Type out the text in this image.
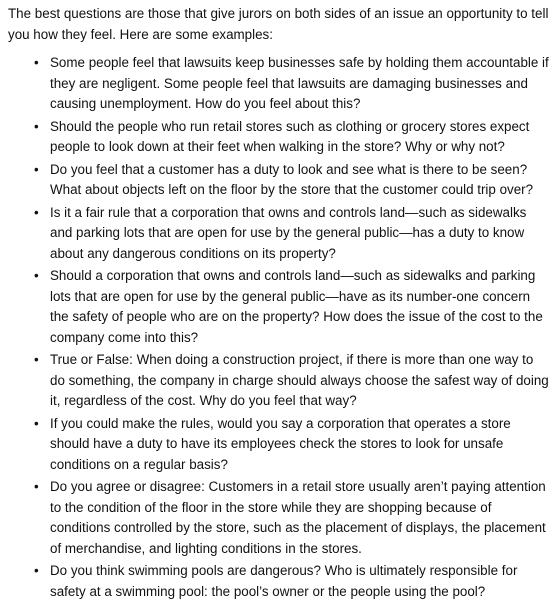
The best questions are those that give jurors on both sides of an issue an opportunity to tell you how they feel. Here are some examples:

• Some people feel that lawsuits keep businesses safe by holding them accountable if they are negligent. Some people feel that lawsuits are damaging businesses and causing unemployment. How do you feel about this?
• Should the people who run retail stores such as clothing or grocery stores expect people to look down at their feet when walking in the store? Why or why not?
• Do you feel that a customer has a duty to look and see what is there to be seen? What about objects left on the floor by the store that the customer could trip over?
• Is it a fair rule that a corporation that owns and controls land—such as sidewalks and parking lots that are open for use by the general public—has a duty to know about any dangerous conditions on its property?
• Should a corporation that owns and controls land—such as sidewalks and parking lots that are open for use by the general public—have as its number-one concern the safety of people who are on the property? How does the issue of the cost to the company come into this?
• True or False: When doing a construction project, if there is more than one way to do something, the company in charge should always choose the safest way of doing it, regardless of the cost. Why do you feel that way?
• If you could make the rules, would you say a corporation that operates a store should have a duty to have its employees check the stores to look for unsafe conditions on a regular basis?
• Do you agree or disagree: Customers in a retail store usually aren’t paying attention to the condition of the floor in the store while they are shopping because of conditions controlled by the store, such as the placement of displays, the placement of merchandise, and lighting conditions in the stores.
• Do you think swimming pools are dangerous? Who is ultimately responsible for safety at a swimming pool: the pool’s owner or the people using the pool?
